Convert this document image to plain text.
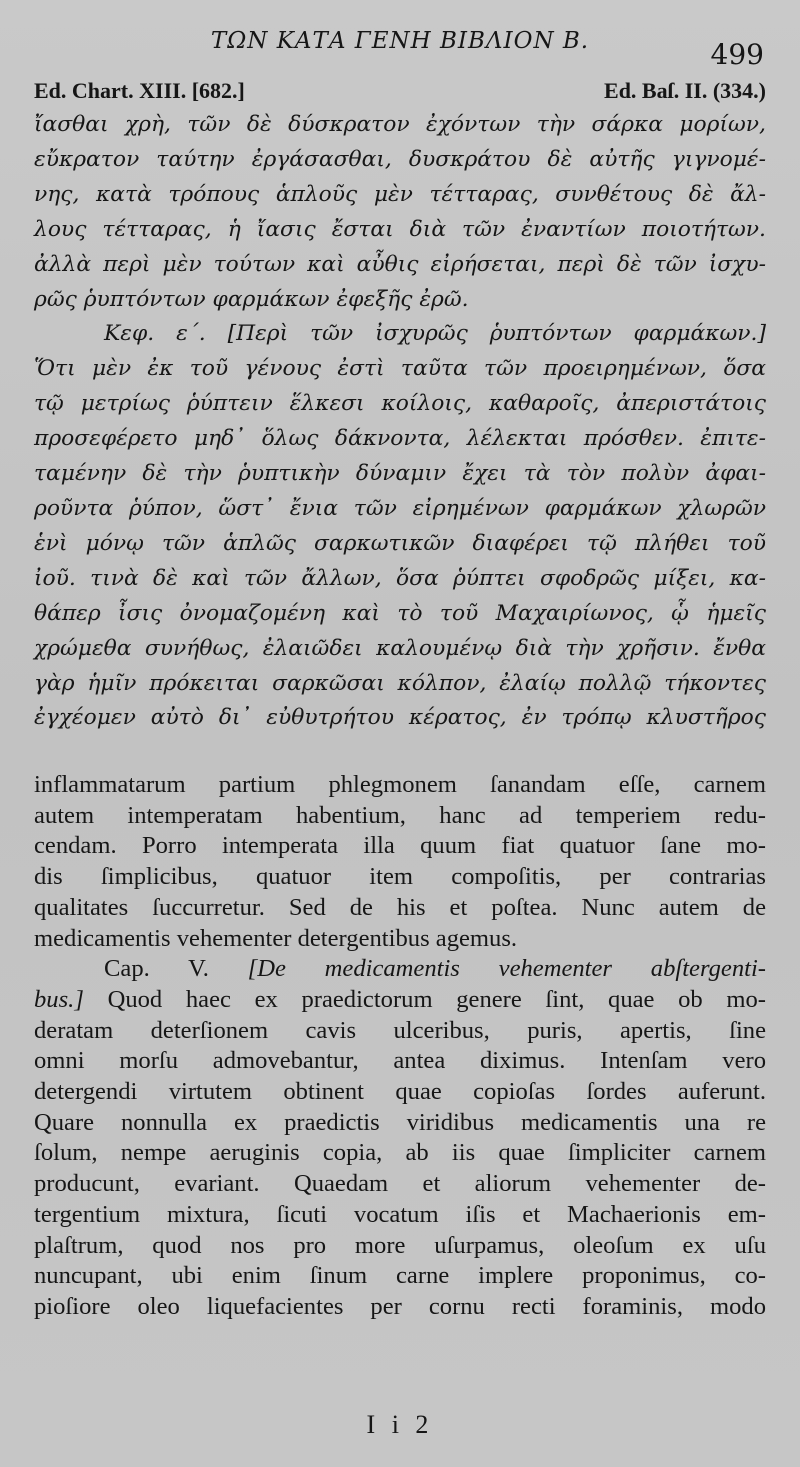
ΤΩΝ ΚΑΤΑ ΓΕΝΗ ΒΙΒΛΙΟΝ Β.	499
Ed. Chart. XIII. [682.]	Ed. Baſ. II. (334.)
ἴασθαι χρὴ, τῶν δὲ δύσκρατον ἐχόντων τὴν σάρκα μορίων,
εὔκρατον ταύτην ἐργάσασθαι, δυσκράτου δὲ αὐτῆς γιγνομέ-
νης, κατὰ τρόπους ἁπλοῦς μὲν τέτταρας, συνθέτους δὲ ἄλ-
λους τέτταρας, ἡ ἴασις ἔσται διὰ τῶν ἐναντίων ποιοτήτων.
ἀλλὰ περὶ μὲν τούτων καὶ αὖθις εἰρήσεται, περὶ δὲ τῶν ἰσχυ-
ρῶς ῥυπτόντων φαρμάκων ἐφεξῆς ἐρῶ.
Κεφ. ε΄. [Περὶ τῶν ἰσχυρῶς ῥυπτόντων φαρμάκων.]
Ὅτι μὲν ἐκ τοῦ γένους ἐστὶ ταῦτα τῶν προειρημένων, ὅσα
τῷ μετρίως ῥύπτειν ἕλκεσι κοίλοις, καθαροῖς, ἀπεριστάτοις
προσεφέρετο μηδ᾽ ὅλως δάκνοντα, λέλεκται πρόσθεν. ἐπιτε-
ταμένην δὲ τὴν ῥυπτικὴν δύναμιν ἔχει τὰ τὸν πολὺν ἀφαι-
ροῦντα ῥύπον, ὥστ᾽ ἔνια τῶν εἰρημένων φαρμάκων χλωρῶν
ἑνὶ μόνῳ τῶν ἁπλῶς σαρκωτικῶν διαφέρει τῷ πλήθει τοῦ
ἰοῦ. τινὰ δὲ καὶ τῶν ἄλλων, ὅσα ῥύπτει σφοδρῶς μίξει, κα-
θάπερ ἶσις ὀνομαζομένη καὶ τὸ τοῦ Μαχαιρίωνος, ᾧ ἡμεῖς
χρώμεθα συνήθως, ἐλαιῶδει καλουμένῳ διὰ τὴν χρῆσιν. ἔνθα
γὰρ ἡμῖν πρόκειται σαρκῶσαι κόλπον, ἐλαίῳ πολλῷ τήκοντες
ἐγχέομεν αὐτὸ δι᾽ εὐθυτρήτου κέρατος, ἐν τρόπῳ κλυστῆρος
inflammatarum partium phlegmonem ſanandam eſſe, carnem
autem intemperatam habentium, hanc ad temperiem redu-
cendam. Porro intemperata illa quum fiat quatuor ſane mo-
dis ſimplicibus, quatuor item compoſitis, per contrarias
qualitates ſuccurretur. Sed de his et poſtea. Nunc autem de
medicamentis vehementer detergentibus agemus.
Cap. V. [De medicamentis vehementer abſtergenti-
bus.] Quod haec ex praedictorum genere ſint, quae ob mo-
deratam deterſionem cavis ulceribus, puris, apertis, ſine
omni morſu admovebantur, antea diximus. Intenſam vero
detergendi virtutem obtinent quae copioſas ſordes auferunt.
Quare nonnulla ex praedictis viridibus medicamentis una re
ſolum, nempe aeruginis copia, ab iis quae ſimpliciter carnem
producunt, evariant. Quaedam et aliorum vehementer de-
tergentium mixtura, ſicuti vocatum iſis et Machaerionis em-
plaſtrum, quod nos pro more uſurpamus, oleoſum ex uſu
nuncupant, ubi enim ſinum carne implere proponimus, co-
pioſiore oleo liquefacientes per cornu recti foraminis, modo
I i 2
